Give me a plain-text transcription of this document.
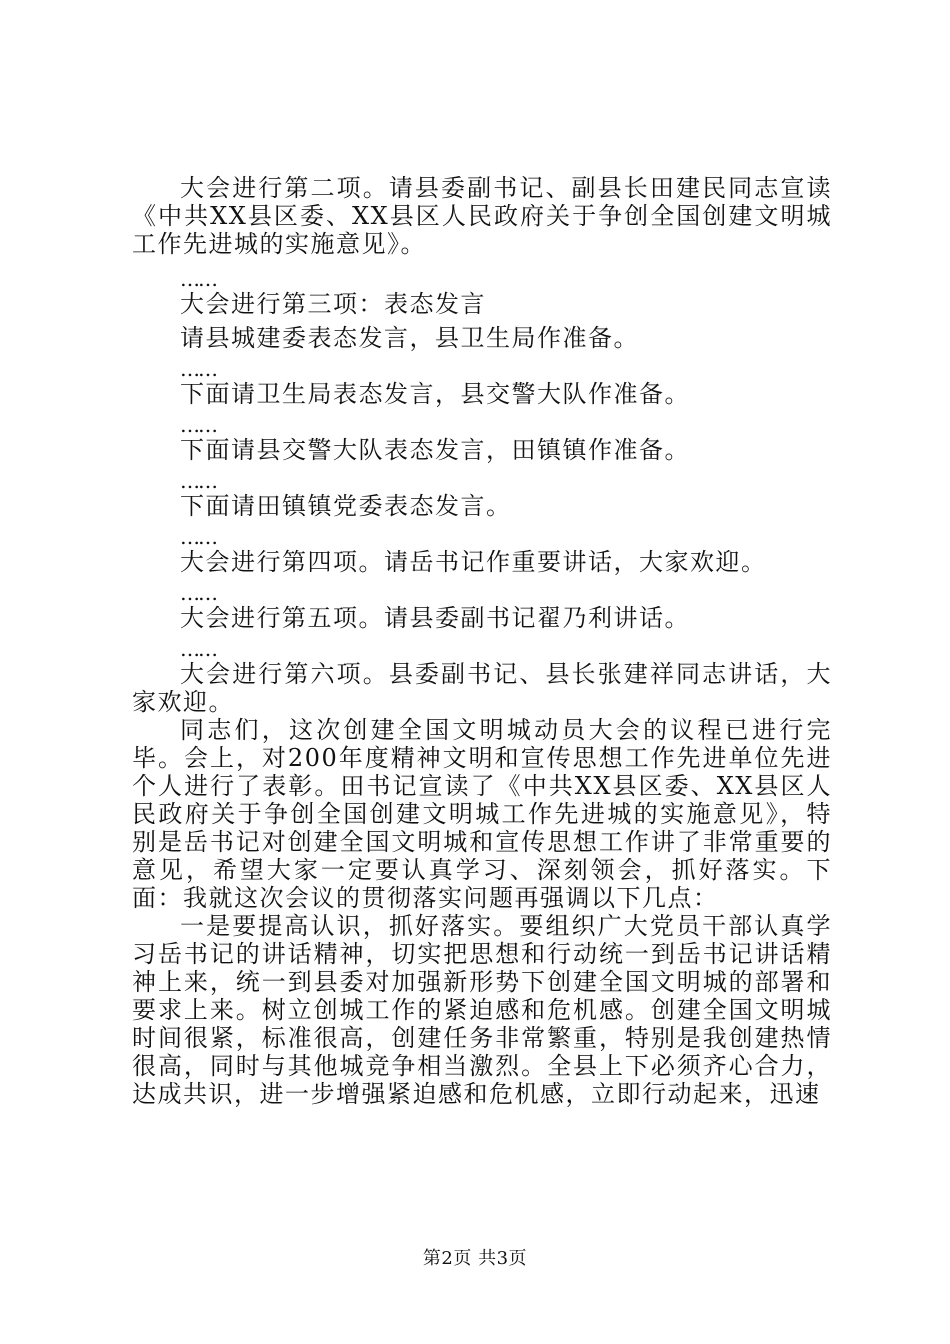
大会进行第二项。请县委副书记、副县长田建民同志宣读《中共XX县区委、XX县区人民政府关于争创全国创建文明城工作先进城的实施意见》。

……

大会进行第三项：表态发言

请县城建委表态发言，县卫生局作准备。

……

下面请卫生局表态发言，县交警大队作准备。

……

下面请县交警大队表态发言，田镇镇作准备。

……

下面请田镇镇党委表态发言。

……

大会进行第四项。请岳书记作重要讲话，大家欢迎。

……

大会进行第五项。请县委副书记翟乃利讲话。

……

大会进行第六项。县委副书记、县长张建祥同志讲话，大家欢迎。

同志们，这次创建全国文明城动员大会的议程已进行完毕。会上，对200年度精神文明和宣传思想工作先进单位先进个人进行了表彰。田书记宣读了《中共XX县区委、XX县区人民政府关于争创全国创建文明城工作先进城的实施意见》，特别是岳书记对创建全国文明城和宣传思想工作讲了非常重要的意见，希望大家一定要认真学习、深刻领会，抓好落实。下面：我就这次会议的贯彻落实问题再强调以下几点：

一是要提高认识，抓好落实。要组织广大党员干部认真学习岳书记的讲话精神，切实把思想和行动统一到岳书记讲话精神上来，统一到县委对加强新形势下创建全国文明城的部署和要求上来。树立创城工作的紧迫感和危机感。创建全国文明城时间很紧，标准很高，创建任务非常繁重，特别是我创建热情很高，同时与其他城竞争相当激烈。全县上下必须齐心合力，达成共识，进一步增强紧迫感和危机感，立即行动起来，迅速

第2页 共3页
